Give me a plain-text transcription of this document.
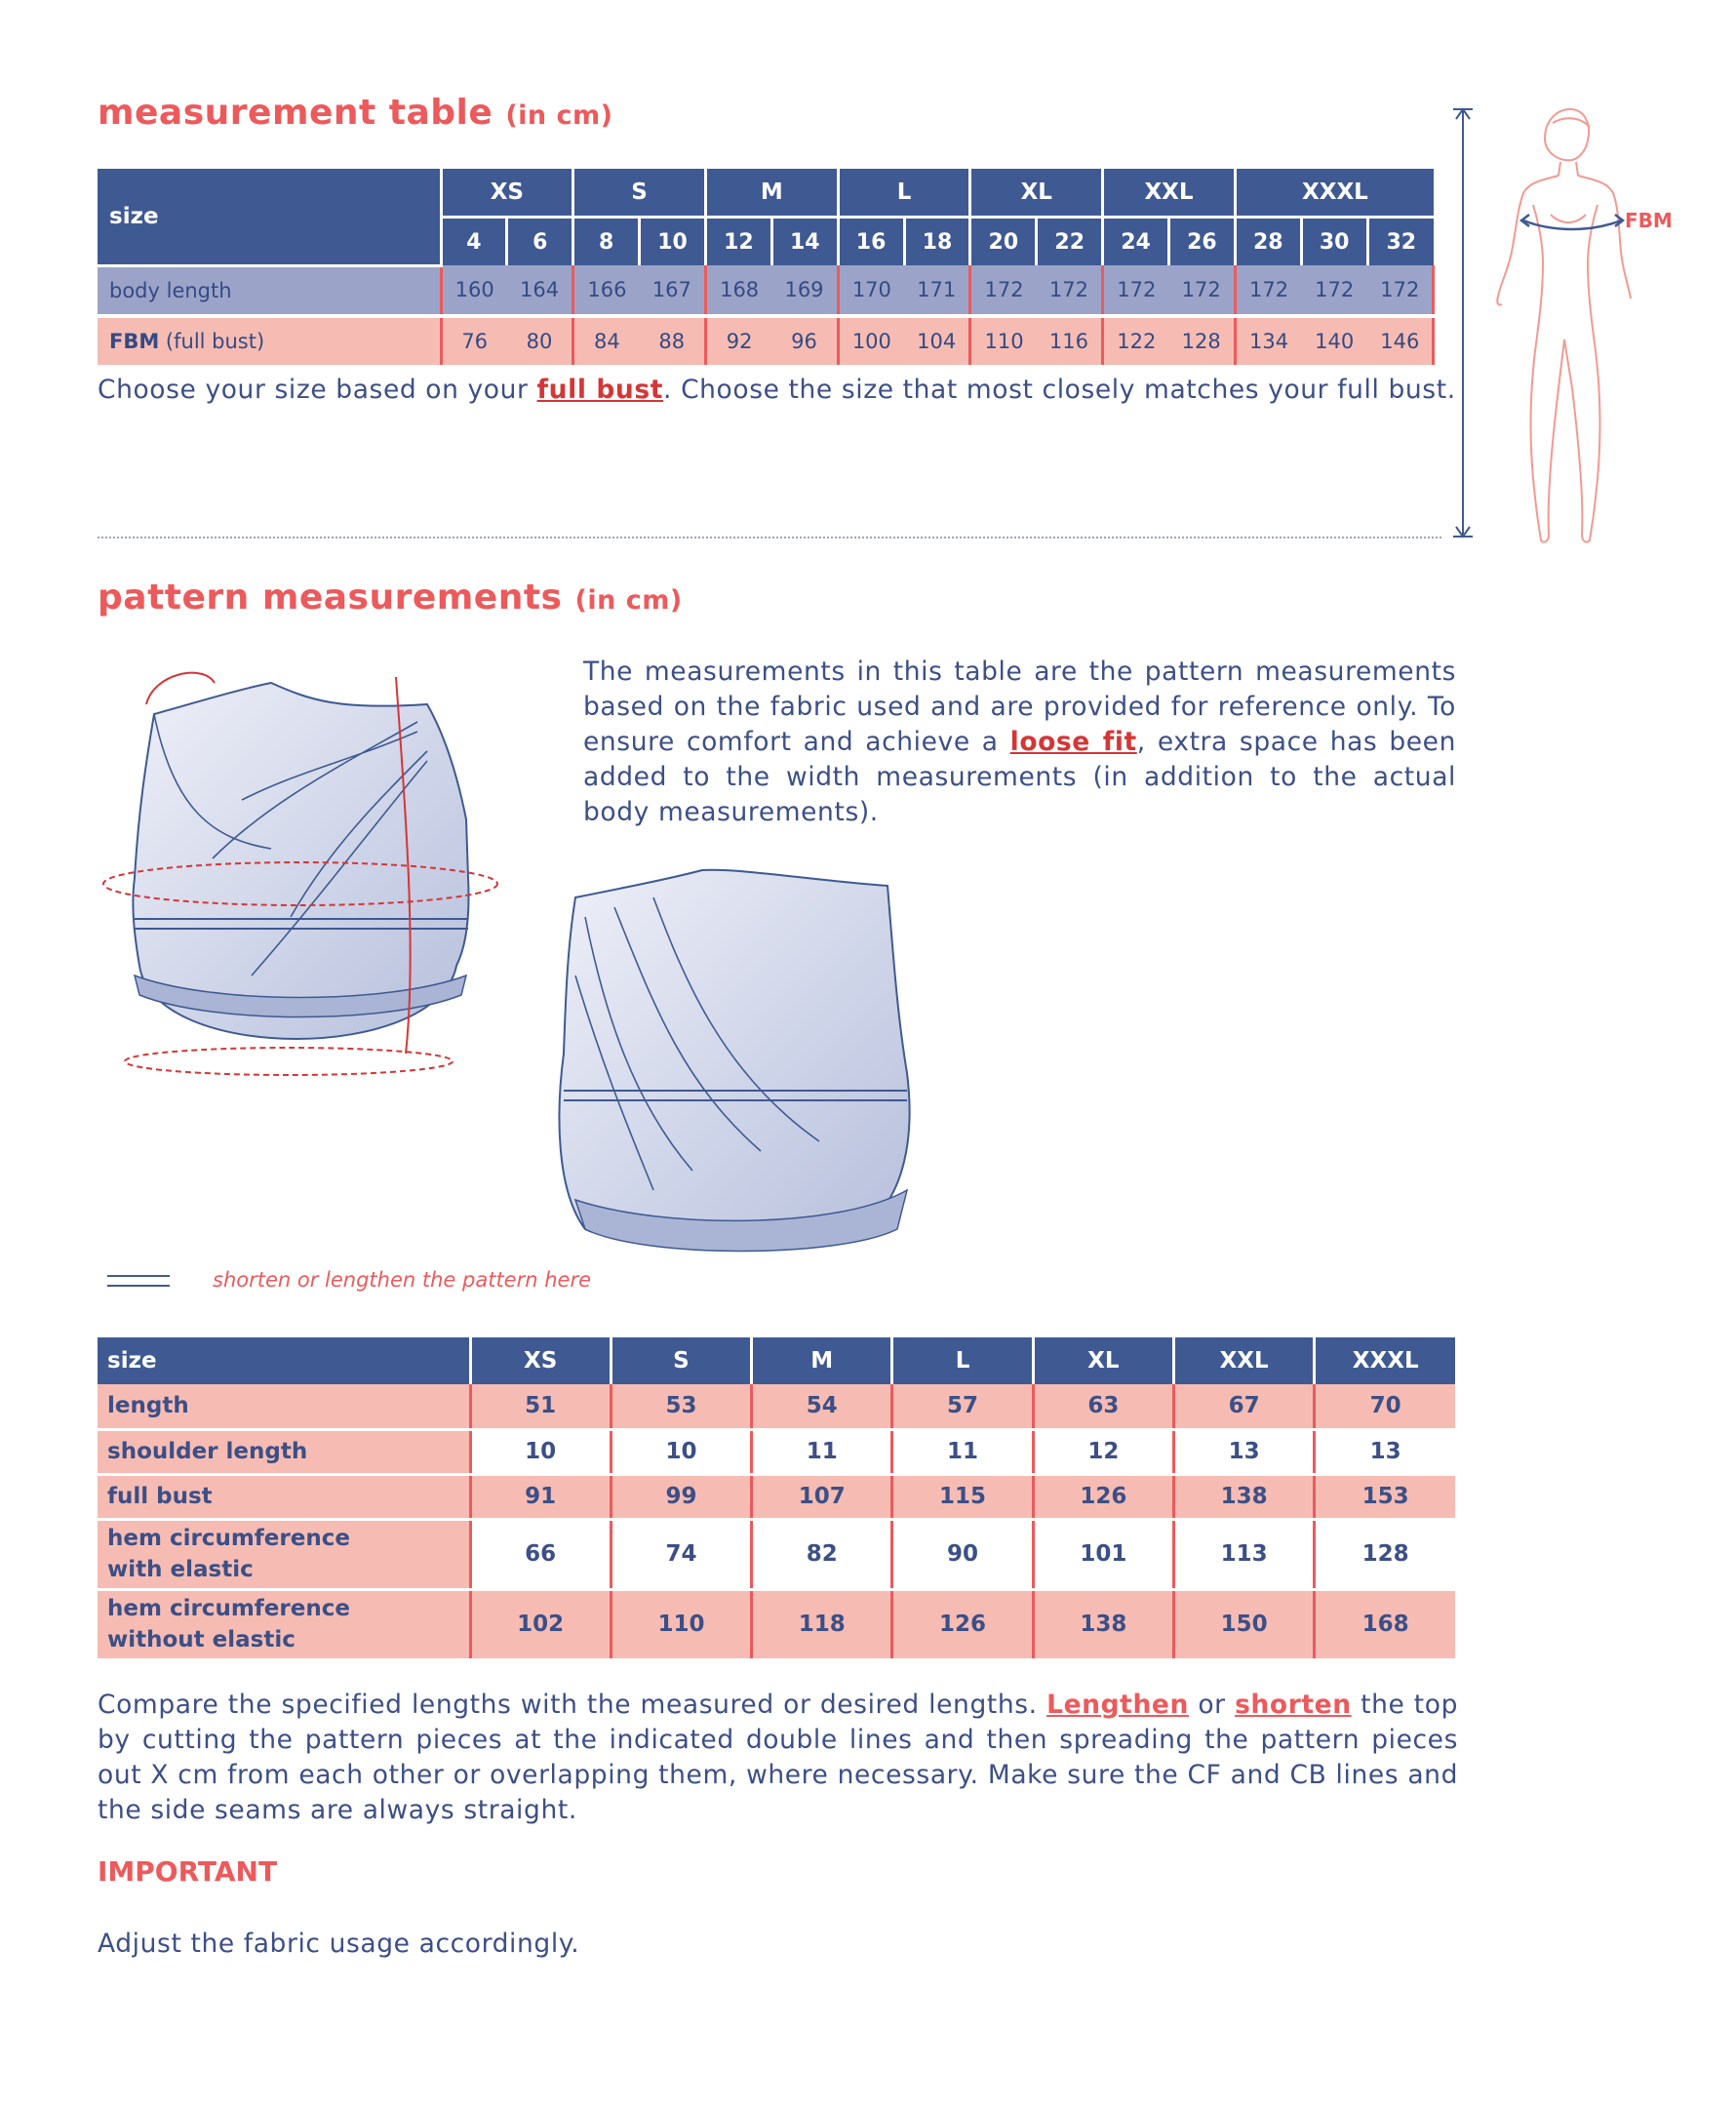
measurement table (in cm)
size	XS		S		M		L		XL		XXL		XXXL		
	4	6	8	10	12	14	16	18	20	22	24	26	28	30	32
body length	160	164	166	167	168	169	170	171	172	172	172	172	172	172	172
FBM (full bust)	76	80	84	88	92	96	100	104	110	116	122	128	134	140	146
Choose your size based on your full bust. Choose the size that most closely matches your full bust.
FBM
pattern measurements (in cm)
The measurements in this table are the pattern measurements based on the fabric used and are provided for reference only. To ensure comfort and achieve a loose fit, extra space has been added to the width measurements (in addition to the actual body measurements).
shorten or lengthen the pattern here
size	XS	S	M	L	XL	XXL	XXXL
length	51	53	54	57	63	67	70
shoulder length	10	10	11	11	12	13	13
full bust	91	99	107	115	126	138	153

hem circumference
with elastic	66	74	82	90	101	113	128

hem circumference
without elastic	102	110	118	126	138	150	168
Compare the specified lengths with the measured or desired lengths. Lengthen or shorten the top by cutting the pattern pieces at the indicated double lines and then spreading the pattern pieces out X cm from each other or overlapping them, where necessary. Make sure the CF and CB lines and the side seams are always straight.
IMPORTANT
Adjust the fabric usage accordingly.
